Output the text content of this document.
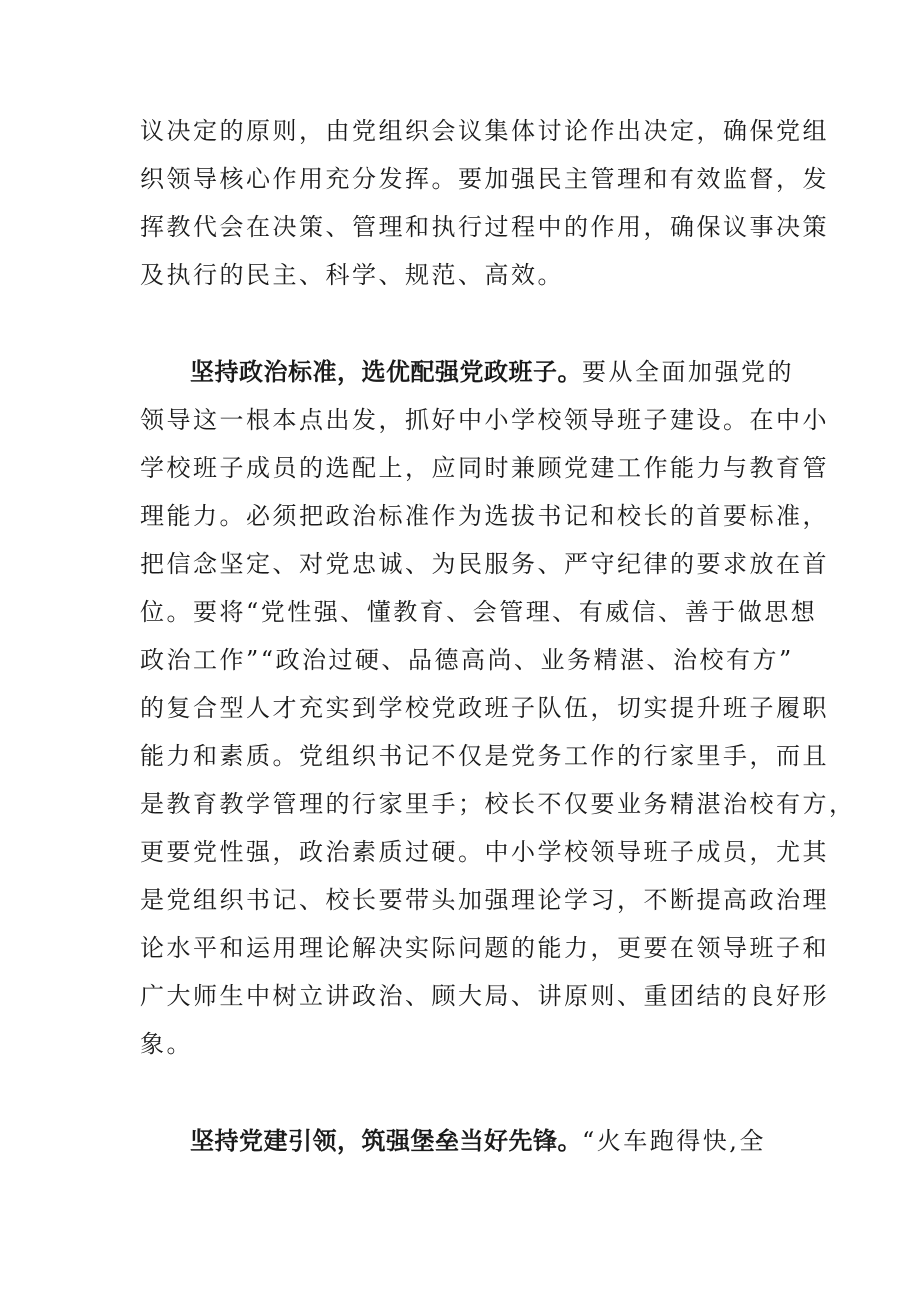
议决定的原则，由党组织会议集体讨论作出决定，确保党组
织领导核心作用充分发挥。要加强民主管理和有效监督，发
挥教代会在决策、管理和执行过程中的作用，确保议事决策
及执行的民主、科学、规范、高效。
坚持政治标准，选优配强党政班子。要从全面加强党的
领导这一根本点出发，抓好中小学校领导班子建设。在中小
学校班子成员的选配上，应同时兼顾党建工作能力与教育管
理能力。必须把政治标准作为选拔书记和校长的首要标准，
把信念坚定、对党忠诚、为民服务、严守纪律的要求放在首
位。要将“党性强、懂教育、会管理、有威信、善于做思想
政治工作”“政治过硬、品德高尚、业务精湛、治校有方”
的复合型人才充实到学校党政班子队伍，切实提升班子履职
能力和素质。党组织书记不仅是党务工作的行家里手，而且
是教育教学管理的行家里手；校长不仅要业务精湛治校有方，
更要党性强，政治素质过硬。中小学校领导班子成员，尤其
是党组织书记、校长要带头加强理论学习，不断提高政治理
论水平和运用理论解决实际问题的能力，更要在领导班子和
广大师生中树立讲政治、顾大局、讲原则、重团结的良好形
象。
坚持党建引领，筑强堡垒当好先锋。“火车跑得快,全
